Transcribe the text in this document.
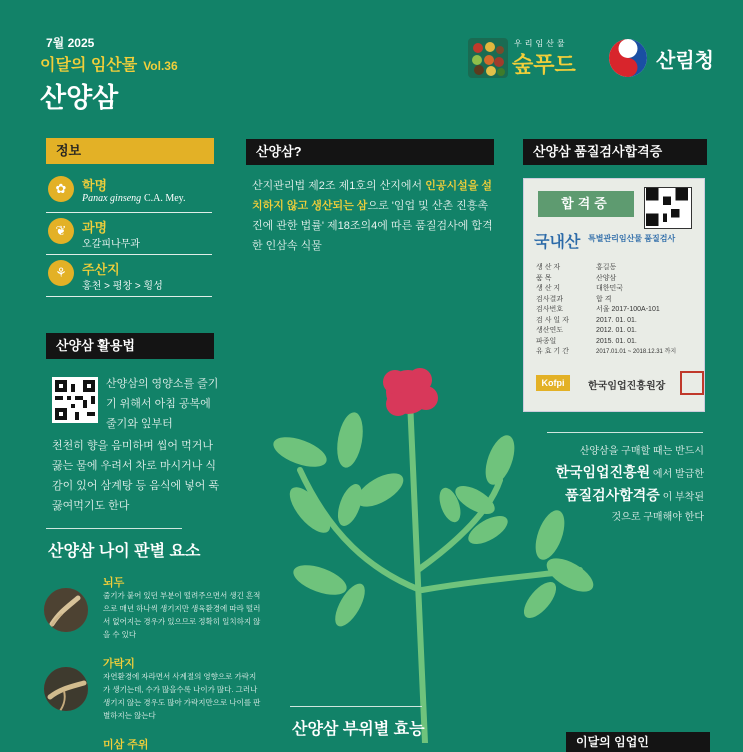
7월 2025
이달의 임산물 Vol.36
산양삼
우리임산물
숲푸드	산림청
정보
✿	학명
Panax ginseng C.A. Mey.
❦	과명
오갈피나무과
⚘	주산지
홍천 > 평창 > 횡성
산양삼 활용법
산양삼의 영양소를 즐기기 위해서 아침 공복에 줄기와 잎부터
천천히 향을 음미하며 씹어 먹거나 끓는 물에 우려서 차로 마시거나 식감이 있어 삼계탕 등 음식에 넣어 푹 끓여먹기도 한다
산양삼 나이 판별 요소
뇌두
줄기가 붙어 있던 부분이 떨려주으면서 생긴 흔적으로 매년 하나씩 생기지만 생육환경에 따라 떨러서 없어지는 경우가 있으므로 정확히 일치하지 않을 수 있다
가락지
자연환경에 자라면서 사계절의 영향으로 가락지가 생기는데, 수가 많을수록 나이가 많다. 그러나 생기지 않는 경우도 많아 가락지만으로 나이를 판별하지는 않는다
미삼 주위
산양삼?
산지관리법 제2조 제1호의 산지에서 인공시설을 설치하지 않고 생산되는 삼으로 '임업 및 산촌 진흥촉진에 관한 법률' 제18조의4에 따른 품질검사에 합격한 인삼속 식물
산양삼 품질검사합격증
합격증
국내산 특별관리임산물 품질검사
생 산 자	홍길동
품 목	산양삼
생 산 지	대한민국
검사결과	합 격
검사번호	서울 2017-100A-101
검 사 일 자	2017. 01. 01.
생산연도	2012. 01. 01.
파종일	2015. 01. 01.
유 효 기 간	2017.01.01 ~ 2018.12.31 까지
Kofpi	한국임업진흥원장
산양삼을 구매할 때는 반드시
한국임업진흥원 에서 발급한
품질검사합격증 이 부착된
것으로 구매해야 한다
산양삼 부위별 효능
이달의 임업인
